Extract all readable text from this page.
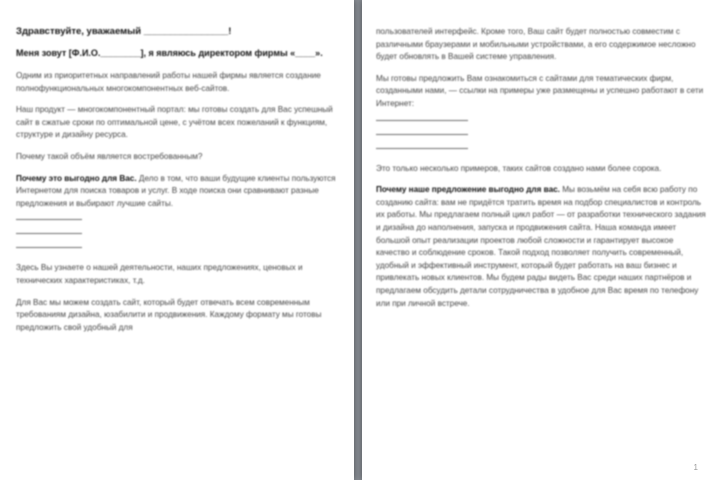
Здравствуйте, уважаемый ________________!
Меня зовут [Ф.И.О.________], я являюсь директором фирмы «____».
Одним из приоритетных направлений работы нашей фирмы является создание полнофункциональных многокомпонентных веб-сайтов.
Наш продукт — многокомпонентный портал: мы готовы создать для Вас успешный сайт в сжатые сроки по оптимальной цене, с учётом всех пожеланий к функциям, структуре и дизайну ресурса.
Почему такой объём является востребованным?
Почему это выгодно для Вас. Дело в том, что ваши будущие клиенты пользуются Интернетом для поиска товаров и услуг. В ходе поиска они сравнивают разные предложения и выбирают лучшие сайты.
Здесь Вы узнаете о нашей деятельности, наших предложениях, ценовых и технических характеристиках, т.д.
Для Вас мы можем создать сайт, который будет отвечать всем современным требованиям дизайна, юзабилити и продвижения. Каждому формату мы готовы предложить свой удобный для
пользователей интерфейс. Кроме того, Ваш сайт будет полностью совместим с различными браузерами и мобильными устройствами, а его содержимое несложно будет обновлять в Вашей системе управления.
Мы готовы предложить Вам ознакомиться с сайтами для тематических фирм, созданными нами, — ссылки на примеры уже размещены и успешно работают в сети Интернет:
Это только несколько примеров, таких сайтов создано нами более сорока.
Почему наше предложение выгодно для вас. Мы возьмём на себя всю работу по созданию сайта: вам не придётся тратить время на подбор специалистов и контроль их работы. Мы предлагаем полный цикл работ — от разработки технического задания и дизайна до наполнения, запуска и продвижения сайта. Наша команда имеет большой опыт реализации проектов любой сложности и гарантирует высокое качество и соблюдение сроков. Такой подход позволяет получить современный, удобный и эффективный инструмент, который будет работать на ваш бизнес и привлекать новых клиентов. Мы будем рады видеть Вас среди наших партнёров и предлагаем обсудить детали сотрудничества в удобное для Вас время по телефону или при личной встрече.
1
